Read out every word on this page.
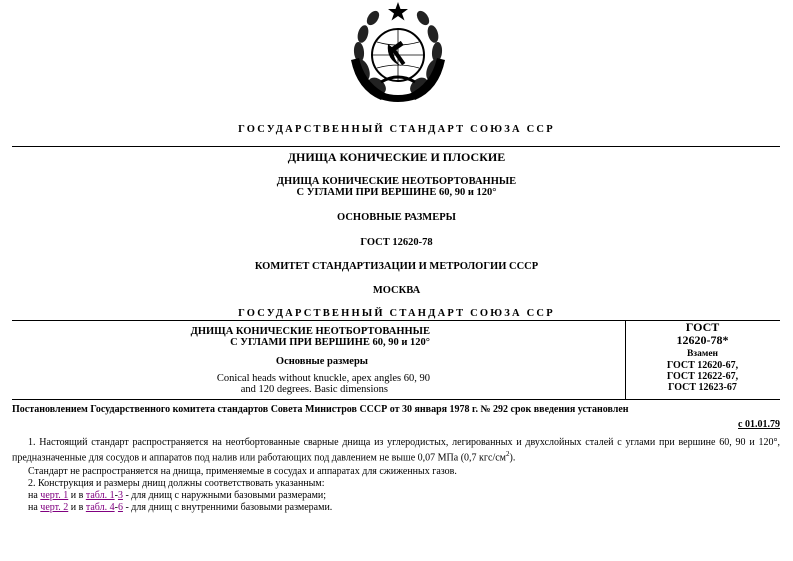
ГОСУДАРСТВЕННЫЙ СТАНДАРТ СОЮЗА ССР
ДНИЩА КОНИЧЕСКИЕ И ПЛОСКИЕ
ДНИЩА КОНИЧЕСКИЕ НЕОТБОРТОВАННЫЕ
С УГЛАМИ ПРИ ВЕРШИНЕ 60, 90 и 120°
ОСНОВНЫЕ РАЗМЕРЫ
ГОСТ 12620-78
КОМИТЕТ СТАНДАРТИЗАЦИИ И МЕТРОЛОГИИ СССР
МОСКВА
ГОСУДАРСТВЕННЫЙ СТАНДАРТ СОЮЗА ССР
ДНИЩА КОНИЧЕСКИЕ НЕОТБОРТОВАННЫЕ
С УГЛАМИ ПРИ ВЕРШИНЕ 60, 90 и 120°
Основные размеры
Conical heads without knuckle, apex angles 60, 90
and 120 degrees. Basic dimensions
ГОСТ
12620-78*
Взамен
ГОСТ 12620-67,
ГОСТ 12622-67,
ГОСТ 12623-67
Постановлением Государственного комитета стандартов Совета Министров СССР от 30 января 1978 г. № 292 срок введения установлен
с 01.01.79
1. Настоящий стандарт распространяется на неотбортованные сварные днища из углеродистых, легированных и двухслойных сталей с углами при вершине 60, 90 и 120°, предназначенные для сосудов и аппаратов под налив или работающих под давлением не выше 0,07 МПа (0,7 кгс/$см^2$).
Стандарт не распространяется на днища, применяемые в сосудах и аппаратах для сжиженных газов.
2. Конструкция и размеры днищ должны соответствовать указанным:
на черт. 1 и в табл. 1-3 - для днищ с наружными базовыми размерами;
на черт. 2 и в табл. 4-6 - для днищ с внутренними базовыми размерами.
